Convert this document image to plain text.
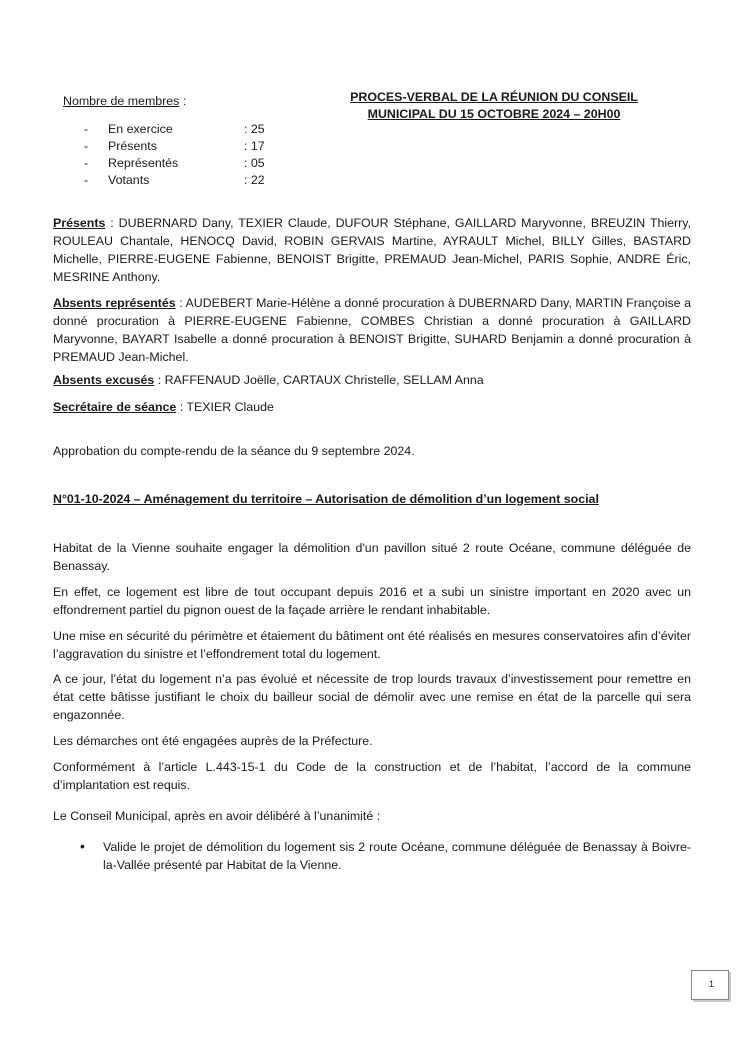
Nombre de membres :
- En exercice	: 25
- Présents	: 17
- Représentés	: 05
- Votants	: 22
PROCES-VERBAL DE LA RÉUNION DU CONSEIL
MUNICIPAL DU 15 OCTOBRE 2024 – 20H00
Présents : DUBERNARD Dany, TEXIER Claude, DUFOUR Stéphane, GAILLARD Maryvonne, BREUZIN Thierry, ROULEAU Chantale, HENOCQ David, ROBIN GERVAIS Martine, AYRAULT Michel, BILLY Gilles, BASTARD Michelle, PIERRE-EUGENE Fabienne, BENOIST Brigitte, PREMAUD Jean-Michel, PARIS Sophie, ANDRE Éric, MESRINE Anthony.
Absents représentés : AUDEBERT Marie-Hélène a donné procuration à DUBERNARD Dany, MARTIN Françoise a donné procuration à PIERRE-EUGENE Fabienne, COMBES Christian a donné procuration à GAILLARD Maryvonne, BAYART Isabelle a donné procuration à BENOIST Brigitte, SUHARD Benjamin a donné procuration à PREMAUD Jean-Michel.
Absents excusés : RAFFENAUD Joëlle, CARTAUX Christelle, SELLAM Anna
Secrétaire de séance : TEXIER Claude
Approbation du compte-rendu de la séance du 9 septembre 2024.
N°01-10-2024 – Aménagement du territoire – Autorisation de démolition d’un logement social
Habitat de la Vienne souhaite engager la démolition d'un pavillon situé 2 route Océane, commune déléguée de Benassay.
En effet, ce logement est libre de tout occupant depuis 2016 et a subi un sinistre important en 2020 avec un effondrement partiel du pignon ouest de la façade arrière le rendant inhabitable.
Une mise en sécurité du périmètre et étaiement du bâtiment ont été réalisés en mesures conservatoires afin d’éviter l’aggravation du sinistre et l’effondrement total du logement.
A ce jour, l’état du logement n’a pas évolué et nécessite de trop lourds travaux d’investissement pour remettre en état cette bâtisse justifiant le choix du bailleur social de démolir avec une remise en état de la parcelle qui sera engazonnée.
Les démarches ont été engagées auprès de la Préfecture.
Conformément à l’article L.443-15-1 du Code de la construction et de l’habitat, l’accord de la commune d’implantation est requis.
Le Conseil Municipal, après en avoir délibéré à l’unanimité :
• Valide le projet de démolition du logement sis 2 route Océane, commune déléguée de Benassay à Boivre-la-Vallée présenté par Habitat de la Vienne.
1
